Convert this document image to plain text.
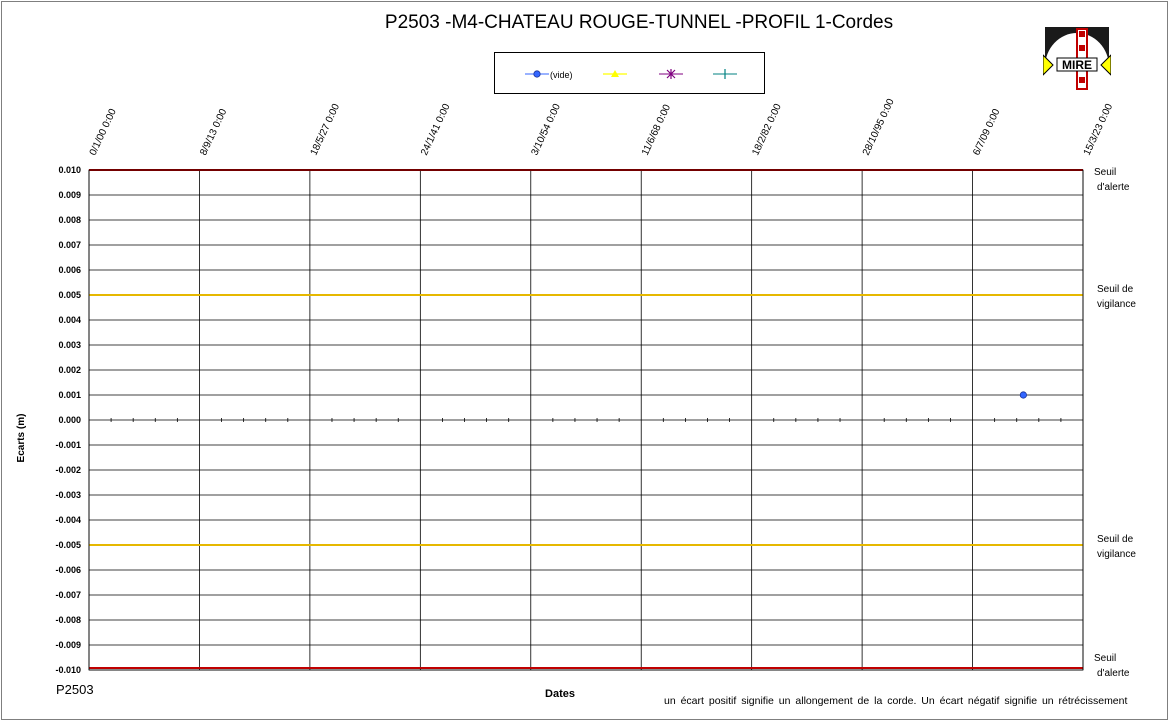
P2503 -M4-CHATEAU ROUGE-TUNNEL -PROFIL 1-Cordes
MIRE
(vide)
0.010
0.009
0.008
0.007
0.006
0.005
0.004
0.003
0.002
0.001
0.000
-0.001
-0.002
-0.003
-0.004
-0.005
-0.006
-0.007
-0.008
-0.009
-0.010
0/1/00 0:00	8/9/13 0:00	18/5/27 0:00	24/1/41 0:00	3/10/54 0:00	11/6/68 0:00	18/2/82 0:00	28/10/95 0:00	6/7/09 0:00	15/3/23 0:00
Seuil
d'alerte
Seuil de
vigilance
Seuil de
vigilance
Seuil
d'alerte
Ecarts (m)
Dates
P2503
un écart positif signifie un allongement de la corde. Un écart négatif signifie un rétrécissement
